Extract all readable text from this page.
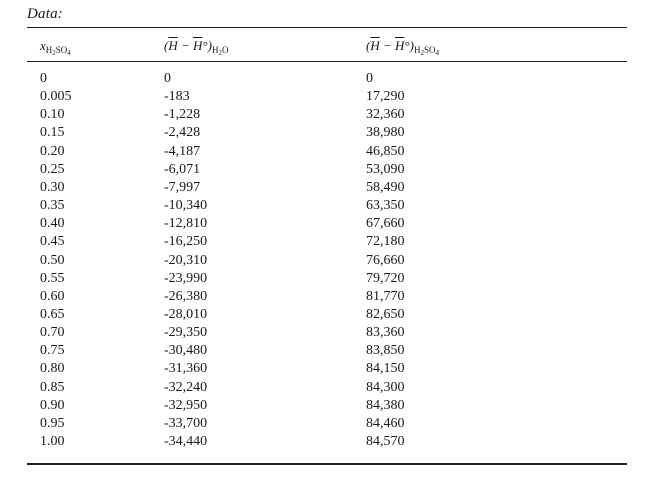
Data:
$x_{H_2SO_4}$	$(\overline{H} - \overline{H}^\circ)_{H_2O}$	$(\overline{H} - \overline{H}^\circ)_{H_2SO_4}$
0	0	0
0.005	-183	17,290
0.10	-1,228	32,360
0.15	-2,428	38,980
0.20	-4,187	46,850
0.25	-6,071	53,090
0.30	-7,997	58,490
0.35	-10,340	63,350
0.40	-12,810	67,660
0.45	-16,250	72,180
0.50	-20,310	76,660
0.55	-23,990	79,720
0.60	-26,380	81,770
0.65	-28,010	82,650
0.70	-29,350	83,360
0.75	-30,480	83,850
0.80	-31,360	84,150
0.85	-32,240	84,300
0.90	-32,950	84,380
0.95	-33,700	84,460
1.00	-34,440	84,570
